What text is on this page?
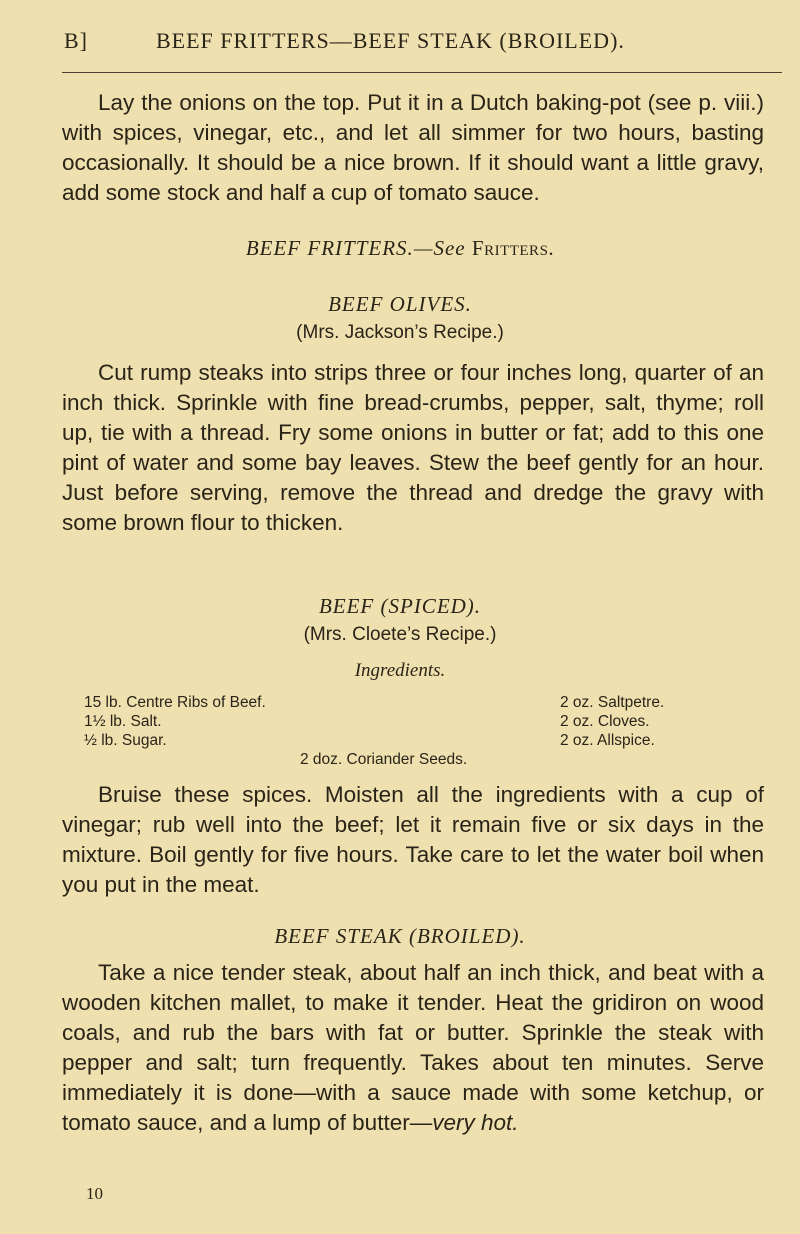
B]	BEEF FRITTERS—BEEF STEAK (BROILED).

Lay the onions on the top. Put it in a Dutch baking-pot (see p. viii.) with spices, vinegar, etc., and let all simmer for two hours, basting occasionally. It should be a nice brown. If it should want a little gravy, add some stock and half a cup of tomato sauce.

BEEF FRITTERS.—See Fritters.

BEEF OLIVES.

(Mrs. Jackson’s Recipe.)

Cut rump steaks into strips three or four inches long, quarter of an inch thick. Sprinkle with fine bread-crumbs, pepper, salt, thyme; roll up, tie with a thread. Fry some onions in butter or fat; add to this one pint of water and some bay leaves. Stew the beef gently for an hour. Just before serving, remove the thread and dredge the gravy with some brown flour to thicken.

BEEF (SPICED).

(Mrs. Cloete’s Recipe.)

Ingredients.

15 lb. Centre Ribs of Beef.

1½ lb. Salt.

½ lb. Sugar.

2 oz. Saltpetre.

2 oz. Cloves.

2 oz. Allspice.

2 doz. Coriander Seeds.

Bruise these spices. Moisten all the ingredients with a cup of vinegar; rub well into the beef; let it remain five or six days in the mixture. Boil gently for five hours. Take care to let the water boil when you put in the meat.

BEEF STEAK (BROILED).

Take a nice tender steak, about half an inch thick, and beat with a wooden kitchen mallet, to make it tender. Heat the gridiron on wood coals, and rub the bars with fat or butter. Sprinkle the steak with pepper and salt; turn frequently. Takes about ten minutes. Serve immediately it is done—with a sauce made with some ketchup, or tomato sauce, and a lump of butter—very hot.

10
